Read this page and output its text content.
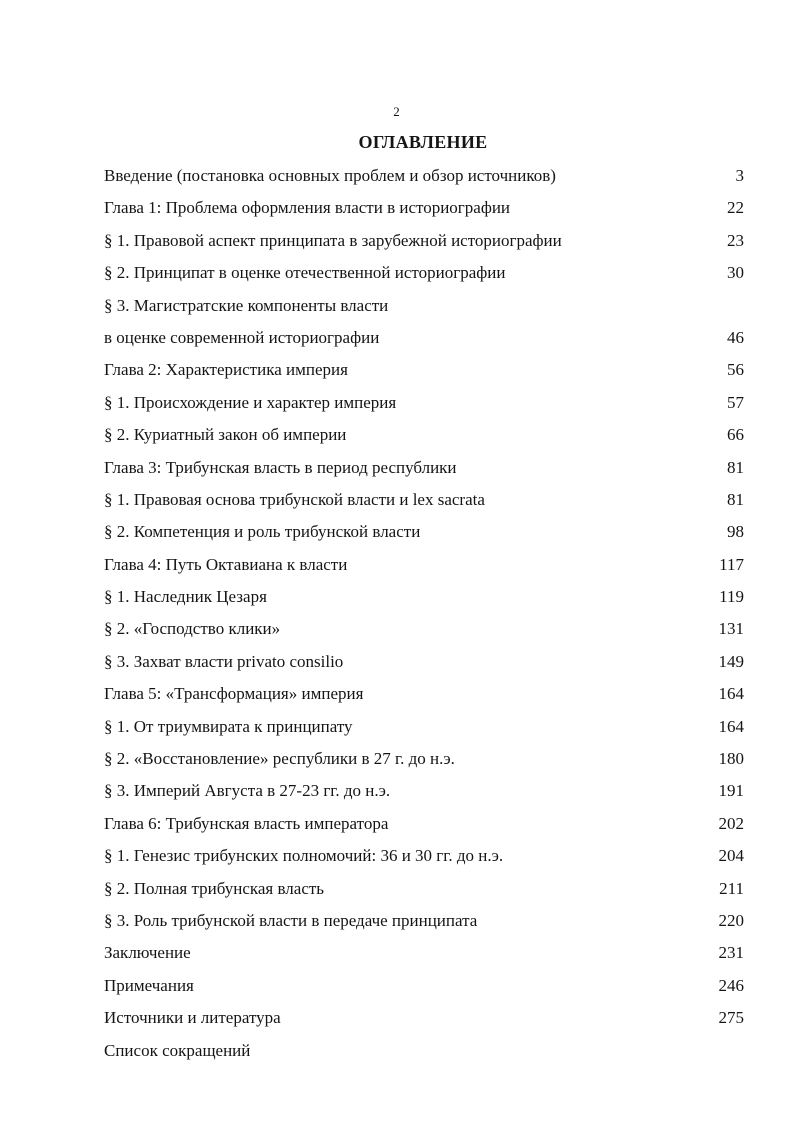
2
ОГЛАВЛЕНИЕ
Введение (постановка основных проблем и обзор источников)	3
Глава 1: Проблема оформления власти в историографии	22
§ 1. Правовой аспект принципата в зарубежной историографии	23
§ 2. Принципат в оценке отечественной историографии	30
§ 3. Магистратские компоненты власти
в оценке современной историографии	46
Глава 2: Характеристика империя	56
§ 1. Происхождение и характер империя	57
§ 2. Куриатный закон об империи	66
Глава 3: Трибунская власть в период республики	81
§ 1. Правовая основа трибунской власти и lex sacrata	81
§ 2. Компетенция и роль трибунской власти	98
Глава 4: Путь Октавиана к власти	117
§ 1. Наследник Цезаря	119
§ 2. «Господство клики»	131
§ 3. Захват власти privato consilio	149
Глава 5: «Трансформация» империя	164
§ 1. От триумвирата к принципату	164
§ 2. «Восстановление» республики в 27 г. до н.э.	180
§ 3. Империй Августа в 27-23 гг. до н.э.	191
Глава 6: Трибунская власть императора	202
§ 1. Генезис трибунских полномочий: 36 и 30 гг. до н.э.	204
§ 2. Полная трибунская власть	211
§ 3. Роль трибунской власти в передаче принципата	220
Заключение	231
Примечания	246
Источники и литература	275
Список сокращений
